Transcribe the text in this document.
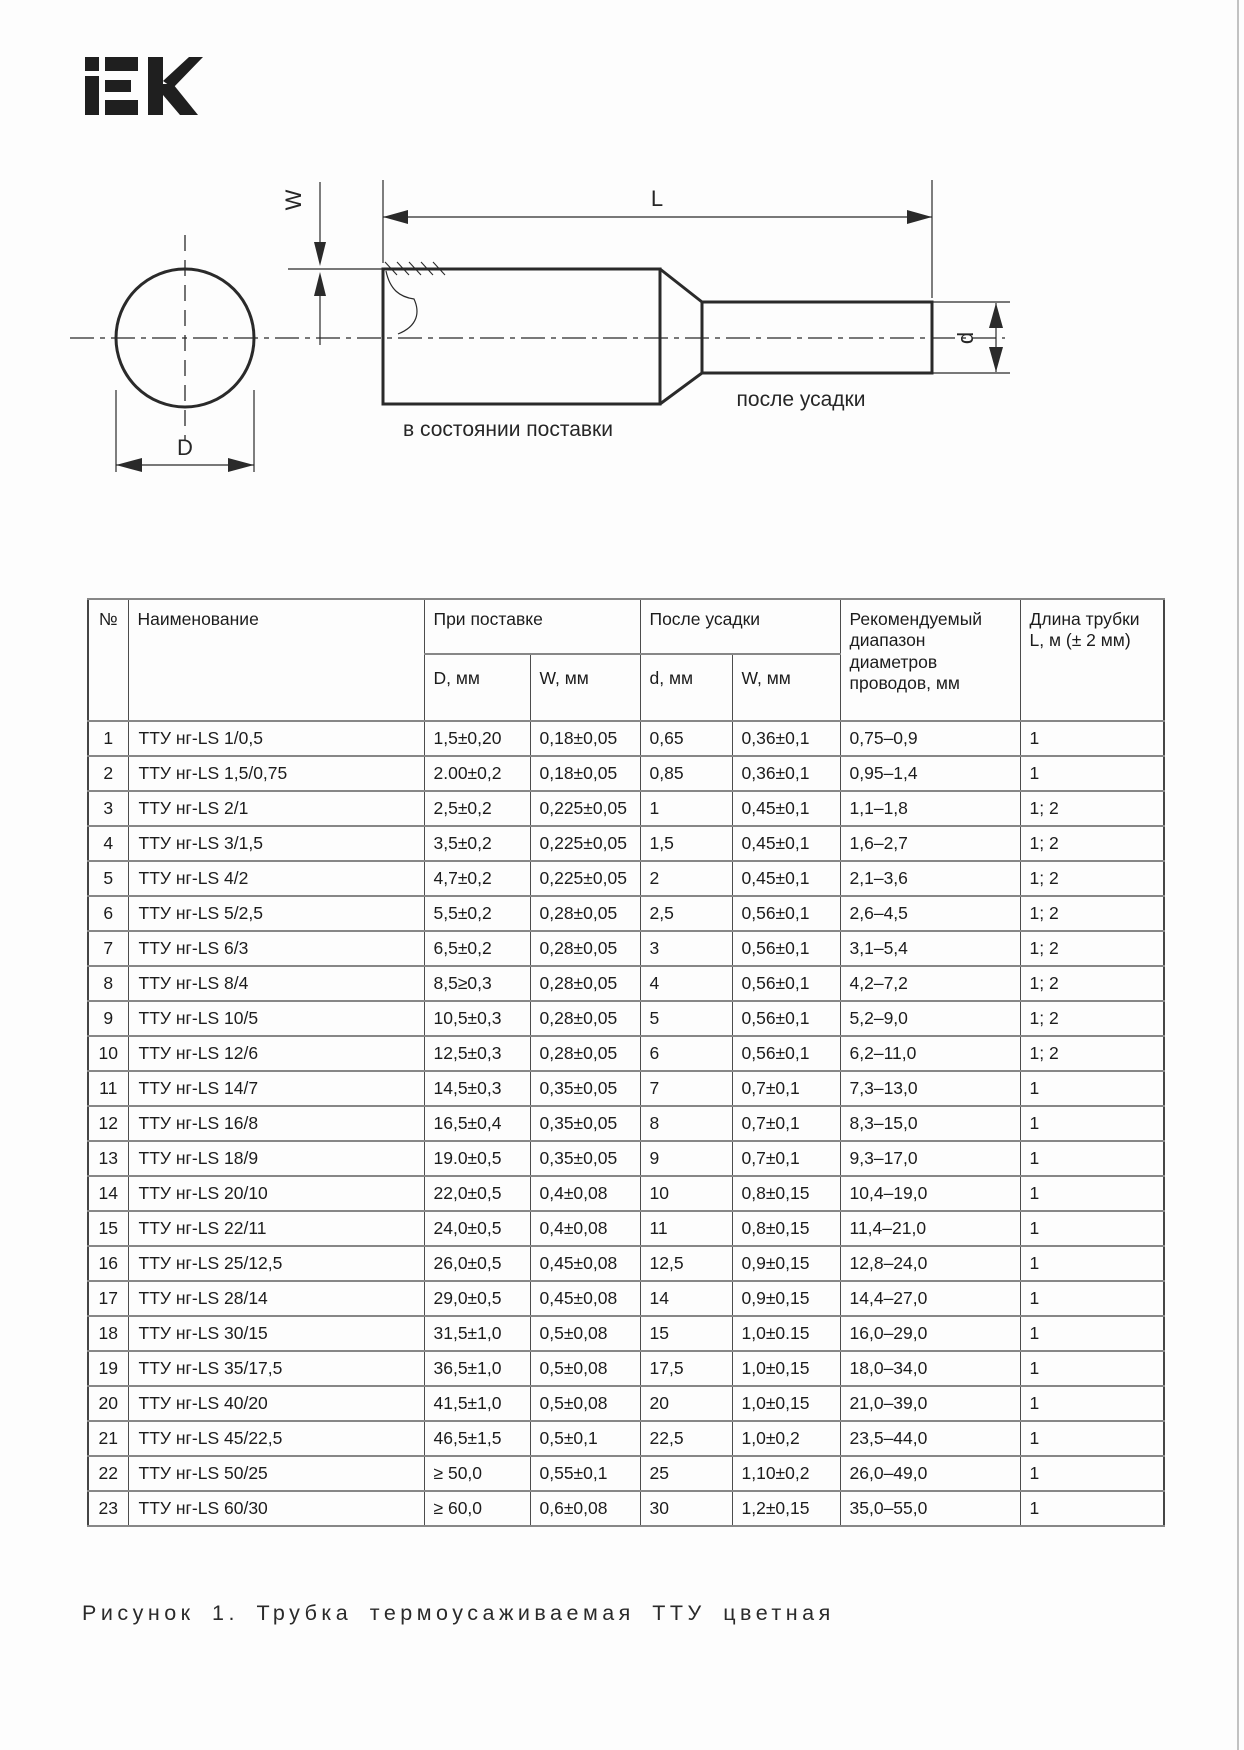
L
D
W
d
в состоянии поставки
после усадки
№	Наименование	При поставке		После усадки		Рекомендуемый диапазон диаметров проводов, мм	Длина трубки L, м (± 2 мм)
		D, мм	W, мм	d, мм	W, мм		
1	ТТУ нг-LS 1/0,5	1,5±0,20	0,18±0,05	0,65	0,36±0,1	0,75–0,9	1
2	ТТУ нг-LS 1,5/0,75	2.00±0,2	0,18±0,05	0,85	0,36±0,1	0,95–1,4	1
3	ТТУ нг-LS 2/1	2,5±0,2	0,225±0,05	1	0,45±0,1	1,1–1,8	1; 2
4	ТТУ нг-LS 3/1,5	3,5±0,2	0,225±0,05	1,5	0,45±0,1	1,6–2,7	1; 2
5	ТТУ нг-LS 4/2	4,7±0,2	0,225±0,05	2	0,45±0,1	2,1–3,6	1; 2
6	ТТУ нг-LS 5/2,5	5,5±0,2	0,28±0,05	2,5	0,56±0,1	2,6–4,5	1; 2
7	ТТУ нг-LS 6/3	6,5±0,2	0,28±0,05	3	0,56±0,1	3,1–5,4	1; 2
8	ТТУ нг-LS 8/4	8,5≥0,3	0,28±0,05	4	0,56±0,1	4,2–7,2	1; 2
9	ТТУ нг-LS 10/5	10,5±0,3	0,28±0,05	5	0,56±0,1	5,2–9,0	1; 2
10	ТТУ нг-LS 12/6	12,5±0,3	0,28±0,05	6	0,56±0,1	6,2–11,0	1; 2
11	ТТУ нг-LS 14/7	14,5±0,3	0,35±0,05	7	0,7±0,1	7,3–13,0	1
12	ТТУ нг-LS 16/8	16,5±0,4	0,35±0,05	8	0,7±0,1	8,3–15,0	1
13	ТТУ нг-LS 18/9	19.0±0,5	0,35±0,05	9	0,7±0,1	9,3–17,0	1
14	ТТУ нг-LS 20/10	22,0±0,5	0,4±0,08	10	0,8±0,15	10,4–19,0	1
15	ТТУ нг-LS 22/11	24,0±0,5	0,4±0,08	11	0,8±0,15	11,4–21,0	1
16	ТТУ нг-LS 25/12,5	26,0±0,5	0,45±0,08	12,5	0,9±0,15	12,8–24,0	1
17	ТТУ нг-LS 28/14	29,0±0,5	0,45±0,08	14	0,9±0,15	14,4–27,0	1
18	ТТУ нг-LS 30/15	31,5±1,0	0,5±0,08	15	1,0±0.15	16,0–29,0	1
19	ТТУ нг-LS 35/17,5	36,5±1,0	0,5±0,08	17,5	1,0±0,15	18,0–34,0	1
20	ТТУ нг-LS 40/20	41,5±1,0	0,5±0,08	20	1,0±0,15	21,0–39,0	1
21	ТТУ нг-LS 45/22,5	46,5±1,5	0,5±0,1	22,5	1,0±0,2	23,5–44,0	1
22	ТТУ нг-LS 50/25	≥ 50,0	0,55±0,1	25	1,10±0,2	26,0–49,0	1
23	ТТУ нг-LS 60/30	≥ 60,0	0,6±0,08	30	1,2±0,15	35,0–55,0	1
Рисунок 1. Трубка термоусаживаемая ТТУ цветная
